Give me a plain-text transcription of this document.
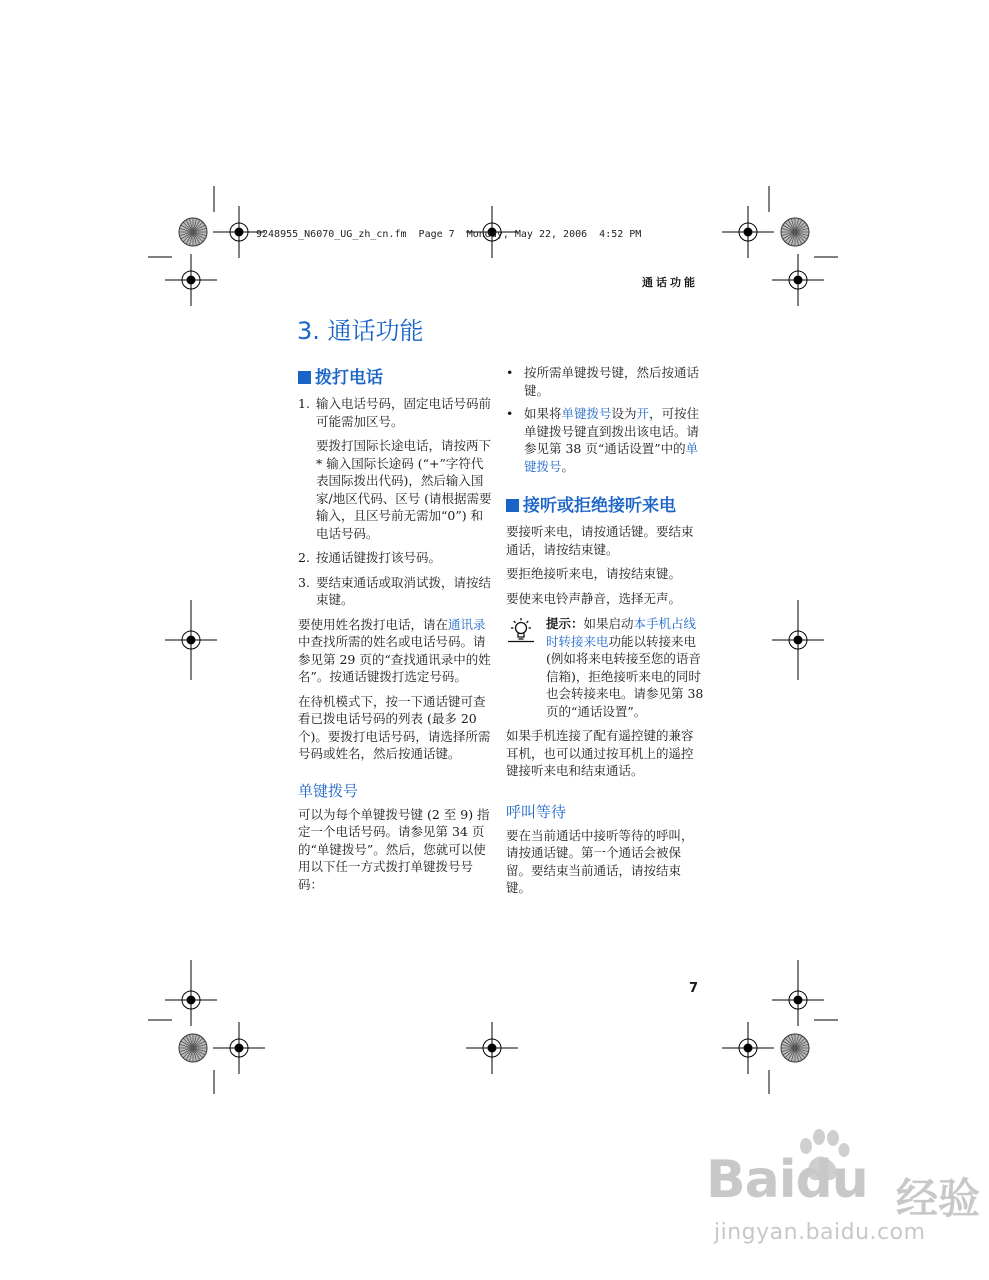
9248955_N6070_UG_zh_cn.fm  Page 7  Monday, May 22, 2006  4:52 PM
通话功能
3. 通话功能
拨打电话
1. 输入电话号码，固定电话号码前可能需加区号。

要拨打国际长途电话，请按两下 * 输入国际长途码 (“+”字符代表国际拨出代码)，然后输入国家/地区代码、区号 (请根据需要输入，且区号前无需加“0”) 和电话号码。

2. 按通话键拨打该号码。
3. 要结束通话或取消试拨，请按结束键。

要使用姓名拨打电话，请在通讯录中查找所需的姓名或电话号码。请参见第 29 页的“查找通讯录中的姓名”。按通话键拨打选定号码。

在待机模式下，按一下通话键可查看已拨电话号码的列表 (最多 20 个)。要拨打电话号码，请选择所需号码或姓名，然后按通话键。

单键拨号

可以为每个单键拨号键 (2 至 9) 指定一个电话号码。请参见第 34 页的“单键拨号”。然后，您就可以使用以下任一方式拨打单键拨号号码：

• 按所需单键拨号键，然后按通话键。
• 如果将单键拨号设为开，可按住单键拨号键直到拨出该电话。请参见第 38 页“通话设置”中的单键拨号。
接听或拒绝接听来电

要接听来电，请按通话键。要结束通话，请按结束键。

要拒绝接听来电，请按结束键。

要使来电铃声静音，选择无声。

提示：如果启动本手机占线时转接来电功能以转接来电 (例如将来电转接至您的语音信箱)，拒绝接听来电的同时也会转接来电。请参见第 38 页的“通话设置”。

如果手机连接了配有遥控键的兼容耳机，也可以通过按耳机上的遥控键接听来电和结束通话。

呼叫等待

要在当前通话中接听等待的呼叫，请按通话键。第一个通话会被保留。要结束当前通话，请按结束键。

7
Baidu 经验
jingyan.baidu.com
